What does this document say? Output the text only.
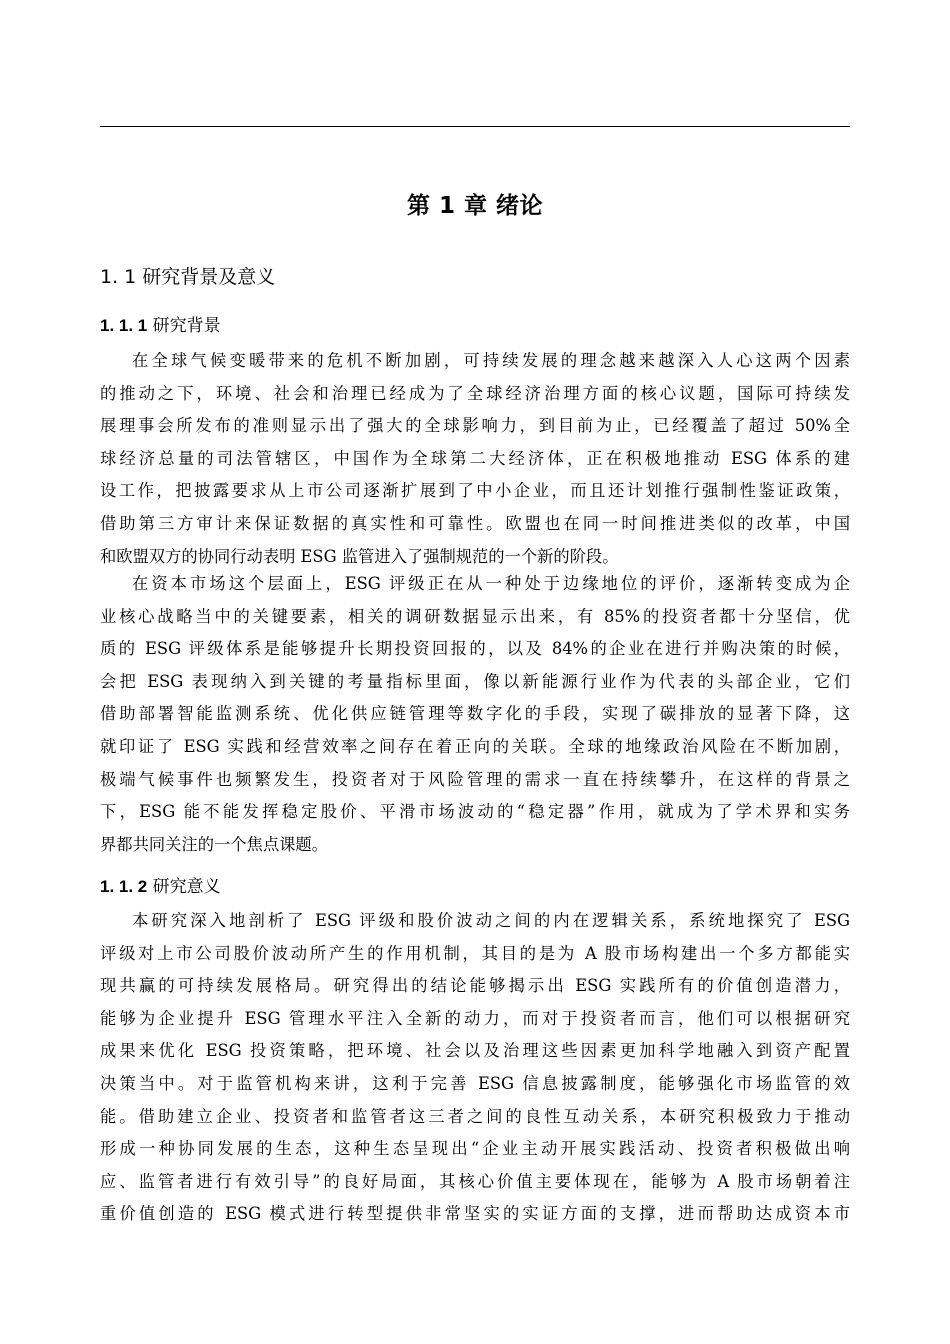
第 1 章 绪论
1. 1 研究背景及意义
1. 1. 1 研究背景
在全球气候变暖带来的危机不断加剧，可持续发展的理念越来越深入人心这两个因素
的推动之下，环境、社会和治理已经成为了全球经济治理方面的核心议题，国际可持续发
展理事会所发布的准则显示出了强大的全球影响力，到目前为止，已经覆盖了超过 50%全
球经济总量的司法管辖区，中国作为全球第二大经济体，正在积极地推动 ESG 体系的建
设工作，把披露要求从上市公司逐渐扩展到了中小企业，而且还计划推行强制性鉴证政策，
借助第三方审计来保证数据的真实性和可靠性。欧盟也在同一时间推进类似的改革，中国
和欧盟双方的协同行动表明 ESG 监管进入了强制规范的一个新的阶段。
在资本市场这个层面上，ESG 评级正在从一种处于边缘地位的评价，逐渐转变成为企
业核心战略当中的关键要素，相关的调研数据显示出来，有 85%的投资者都十分坚信，优
质的 ESG 评级体系是能够提升长期投资回报的，以及 84%的企业在进行并购决策的时候，
会把 ESG 表现纳入到关键的考量指标里面，像以新能源行业作为代表的头部企业，它们
借助部署智能监测系统、优化供应链管理等数字化的手段，实现了碳排放的显著下降，这
就印证了 ESG 实践和经营效率之间存在着正向的关联。全球的地缘政治风险在不断加剧，
极端气候事件也频繁发生，投资者对于风险管理的需求一直在持续攀升，在这样的背景之
下，ESG 能不能发挥稳定股价、平滑市场波动的“稳定器”作用，就成为了学术界和实务
界都共同关注的一个焦点课题。
1. 1. 2 研究意义
本研究深入地剖析了 ESG 评级和股价波动之间的内在逻辑关系，系统地探究了 ESG
评级对上市公司股价波动所产生的作用机制，其目的是为 A 股市场构建出一个多方都能实
现共赢的可持续发展格局。研究得出的结论能够揭示出 ESG 实践所有的价值创造潜力，
能够为企业提升 ESG 管理水平注入全新的动力，而对于投资者而言，他们可以根据研究
成果来优化 ESG 投资策略，把环境、社会以及治理这些因素更加科学地融入到资产配置
决策当中。对于监管机构来讲，这利于完善 ESG 信息披露制度，能够强化市场监管的效
能。借助建立企业、投资者和监管者这三者之间的良性互动关系，本研究积极致力于推动
形成一种协同发展的生态，这种生态呈现出“企业主动开展实践活动、投资者积极做出响
应、监管者进行有效引导”的良好局面，其核心价值主要体现在，能够为 A 股市场朝着注
重价值创造的 ESG 模式进行转型提供非常坚实的实证方面的支撑，进而帮助达成资本市
